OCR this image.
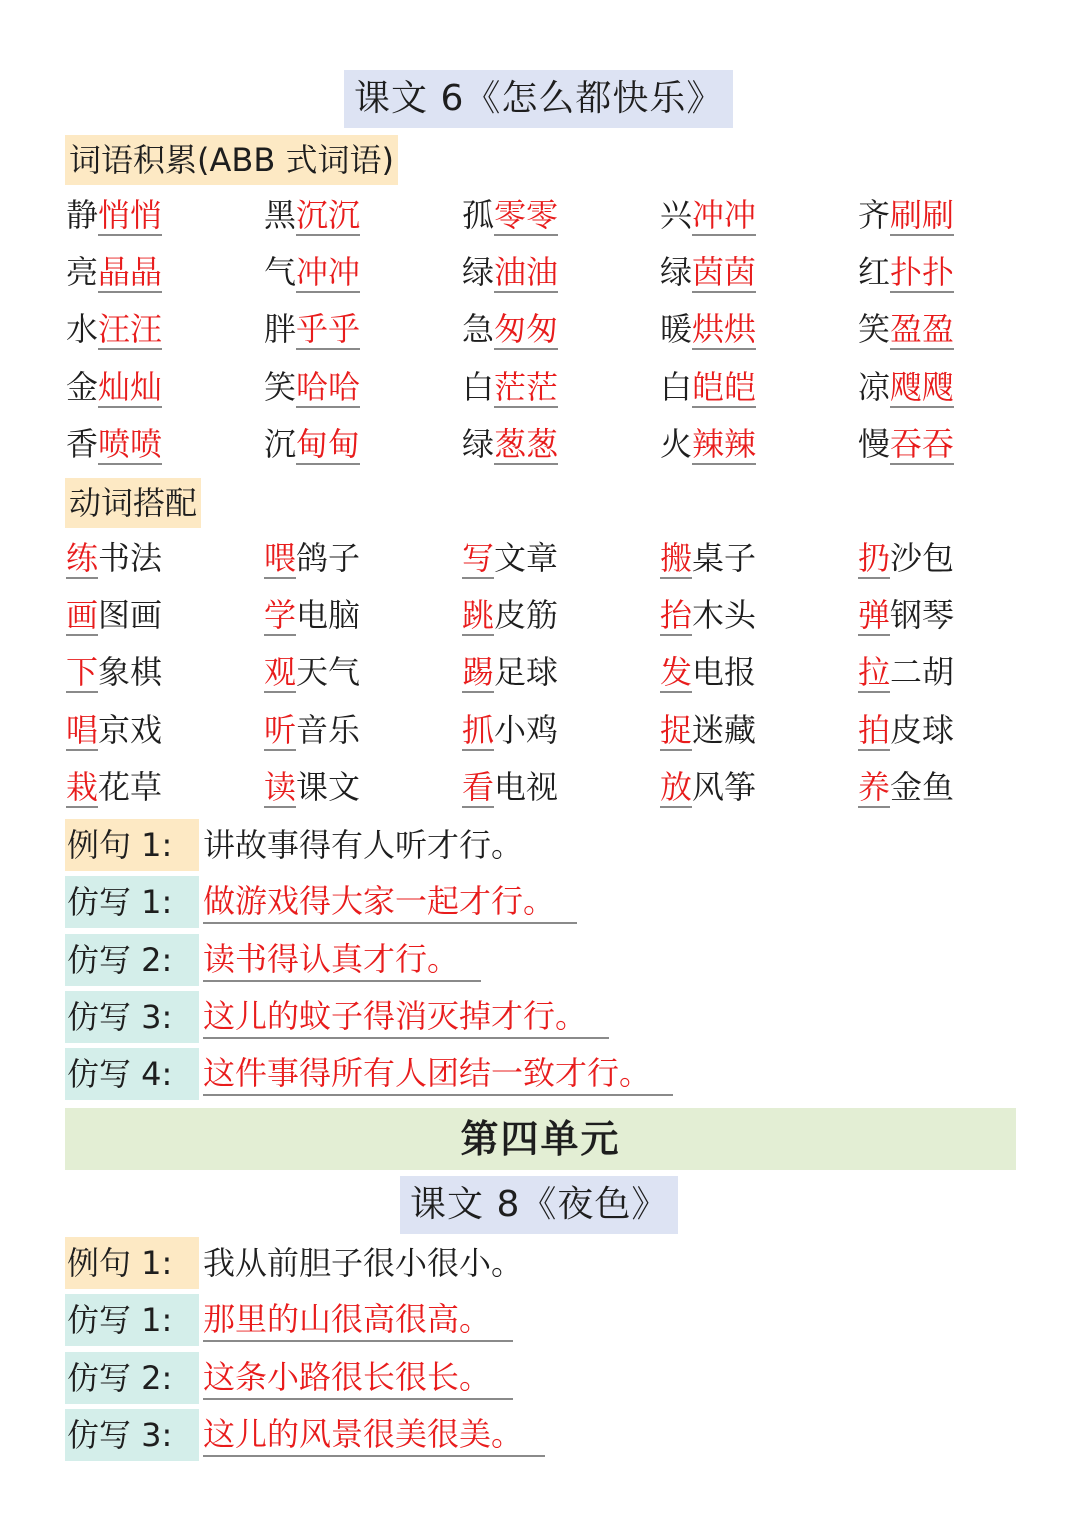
课文 6《怎么都快乐》
词语积累(ABB 式词语)
静悄悄	黑沉沉	孤零零	兴冲冲	齐刷刷
亮晶晶	气冲冲	绿油油	绿茵茵	红扑扑
水汪汪	胖乎乎	急匆匆	暖烘烘	笑盈盈
金灿灿	笑哈哈	白茫茫	白皑皑	凉飕飕
香喷喷	沉甸甸	绿葱葱	火辣辣	慢吞吞
动词搭配
练书法	喂鸽子	写文章	搬桌子	扔沙包
画图画	学电脑	跳皮筋	抬木头	弹钢琴
下象棋	观天气	踢足球	发电报	拉二胡
唱京戏	听音乐	抓小鸡	捉迷藏	拍皮球
栽花草	读课文	看电视	放风筝	养金鱼
例句 1: 讲故事得有人听才行。
仿写 1: 做游戏得大家一起才行。
仿写 2: 读书得认真才行。
仿写 3: 这儿的蚊子得消灭掉才行。
仿写 4: 这件事得所有人团结一致才行。
第四单元
课文 8《夜色》
例句 1: 我从前胆子很小很小。
仿写 1: 那里的山很高很高。
仿写 2: 这条小路很长很长。
仿写 3: 这儿的风景很美很美。
